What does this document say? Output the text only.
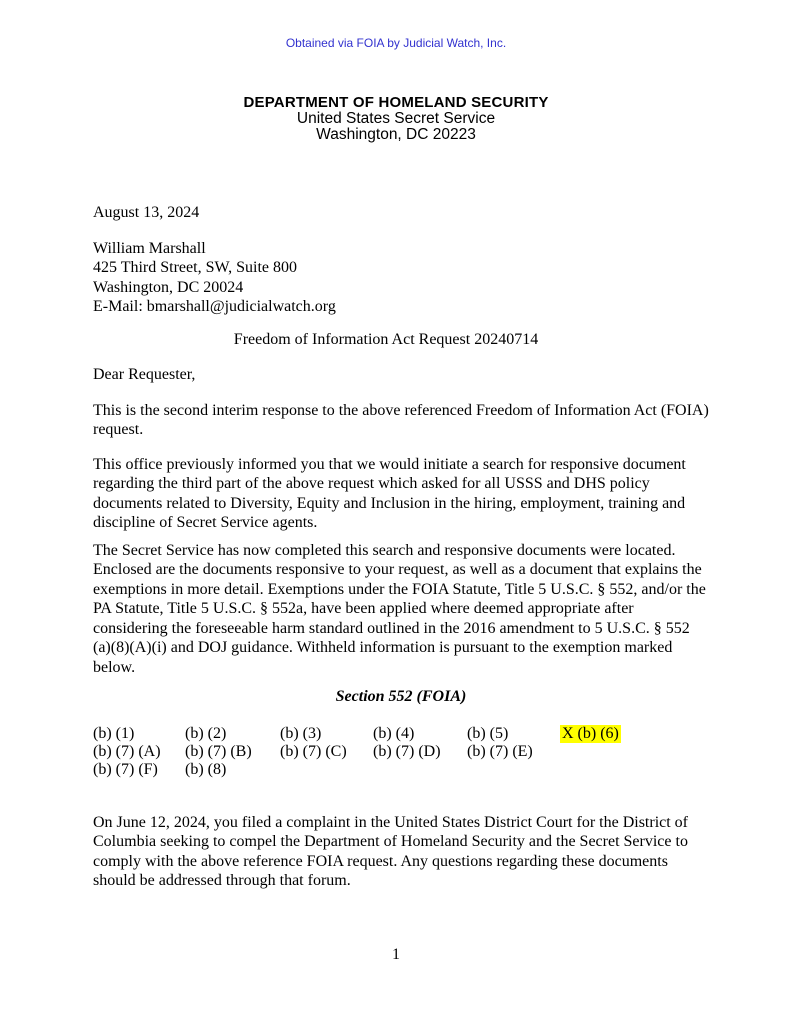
Obtained via FOIA by Judicial Watch, Inc.
DEPARTMENT OF HOMELAND SECURITY
United States Secret Service
Washington, DC 20223
August 13, 2024
William Marshall
425 Third Street, SW, Suite 800
Washington, DC 20024
E-Mail: bmarshall@judicialwatch.org
Freedom of Information Act Request 20240714
Dear Requester,

This is the second interim response to the above referenced Freedom of Information Act (FOIA) request.

This office previously informed you that we would initiate a search for responsive document regarding the third part of the above request which asked for all USSS and DHS policy documents related to Diversity, Equity and Inclusion in the hiring, employment, training and discipline of Secret Service agents.

The Secret Service has now completed this search and responsive documents were located. Enclosed are the documents responsive to your request, as well as a document that explains the exemptions in more detail. Exemptions under the FOIA Statute, Title 5 U.S.C. § 552, and/or the PA Statute, Title 5 U.S.C. § 552a, have been applied where deemed appropriate after considering the foreseeable harm standard outlined in the 2016 amendment to 5 U.S.C. § 552 (a)(8)(A)(i) and DOJ guidance. Withheld information is pursuant to the exemption marked below.

Section 552 (FOIA)
(b) (1)	(b) (2)	(b) (3)	(b) (4)	(b) (5)	X (b) (6)
(b) (7) (A)	(b) (7) (B)	(b) (7) (C)	(b) (7) (D)	(b) (7) (E)
(b) (7) (F)	(b) (8)

On June 12, 2024, you filed a complaint in the United States District Court for the District of Columbia seeking to compel the Department of Homeland Security and the Secret Service to comply with the above reference FOIA request. Any questions regarding these documents should be addressed through that forum.

1
